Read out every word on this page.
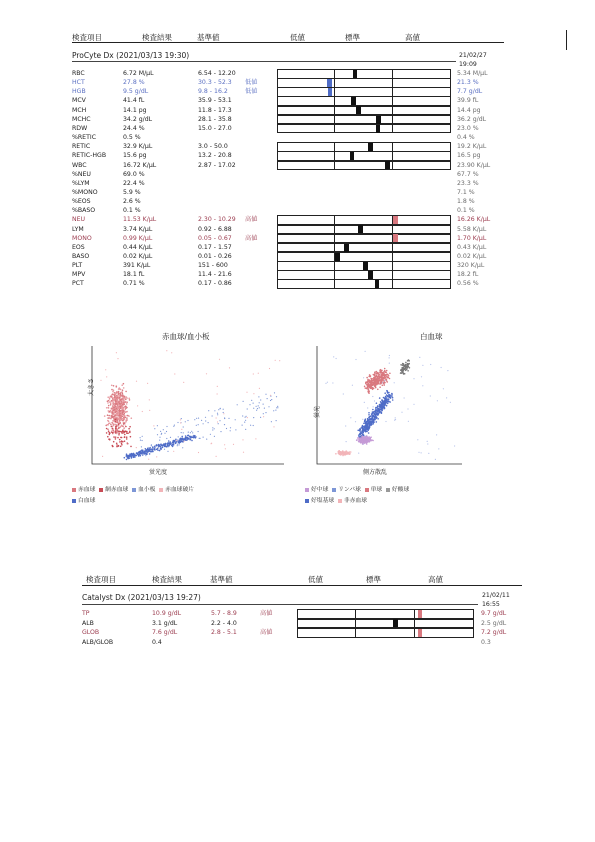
検査項目	検査結果	基準値	低値	標準	高値
ProCyte Dx (2021/03/13 19:30)	21/02/27
19:09
RBC	6.72 M/µL	6.54 - 12.20	5.34 M/µL
HCT	27.8 %	30.3 - 52.3 低値	21.3 %
HGB	9.5 g/dL	9.8 - 16.2	低値	7.7 g/dL
MCV	41.4 fL	35.9 - 53.1	39.9 fL
MCH	14.1 pg	11.8 - 17.3	14.4 pg
MCHC	34.2 g/dL	28.1 - 35.8	36.2 g/dL
RDW	24.4 %	15.0 - 27.0	23.0 %
%RETIC	0.5 %	0.4 %
RETIC	32.9 K/µL	3.0 - 50.0	19.2 K/µL
RETIC-HGB	15.6 pg	13.2 - 20.8	16.5 pg
WBC	16.72 K/µL	2.87 - 17.02	23.90 K/µL
%NEU	69.0 %	67.7 %
%LYM	22.4 %	23.3 %
%MONO	5.9 %	7.1 %
%EOS	2.6 %	1.8 %
%BASO	0.1 %	0.1 %
NEU	11.53 K/µL	2.30 - 10.29 高値	16.26 K/µL
LYM	3.74 K/µL	0.92 - 6.88	5.58 K/µL
MONO	0.99 K/µL	0.05 - 0.67 高値	1.70 K/µL
EOS	0.44 K/µL	0.17 - 1.57	0.43 K/µL
BASO	0.02 K/µL	0.01 - 0.26	0.02 K/µL
PLT	391 K/µL	151 - 600	320 K/µL
MPV	18.1 fL	11.4 - 21.6	18.2 fL
PCT	0.71 %	0.17 - 0.86	0.56 %
赤血球/血小板	白血球
大きさ
蛍光度
蛍光
側方散乱
赤血球 網赤血球 血小板 赤血球破片
白血球
好中球 リンパ球 単球 好酸球
好塩基球 非赤血球
検査項目	検査結果	基準値	低値	標準	高値
Catalyst Dx (2021/03/13 19:27)	21/02/11
16:55
TP	10.9 g/dL	5.7 - 8.9	高値	9.7 g/dL
ALB	3.1 g/dL	2.2 - 4.0	2.5 g/dL
GLOB	7.6 g/dL	2.8 - 5.1	高値	7.2 g/dL
ALB/GLOB	0.4	0.3
